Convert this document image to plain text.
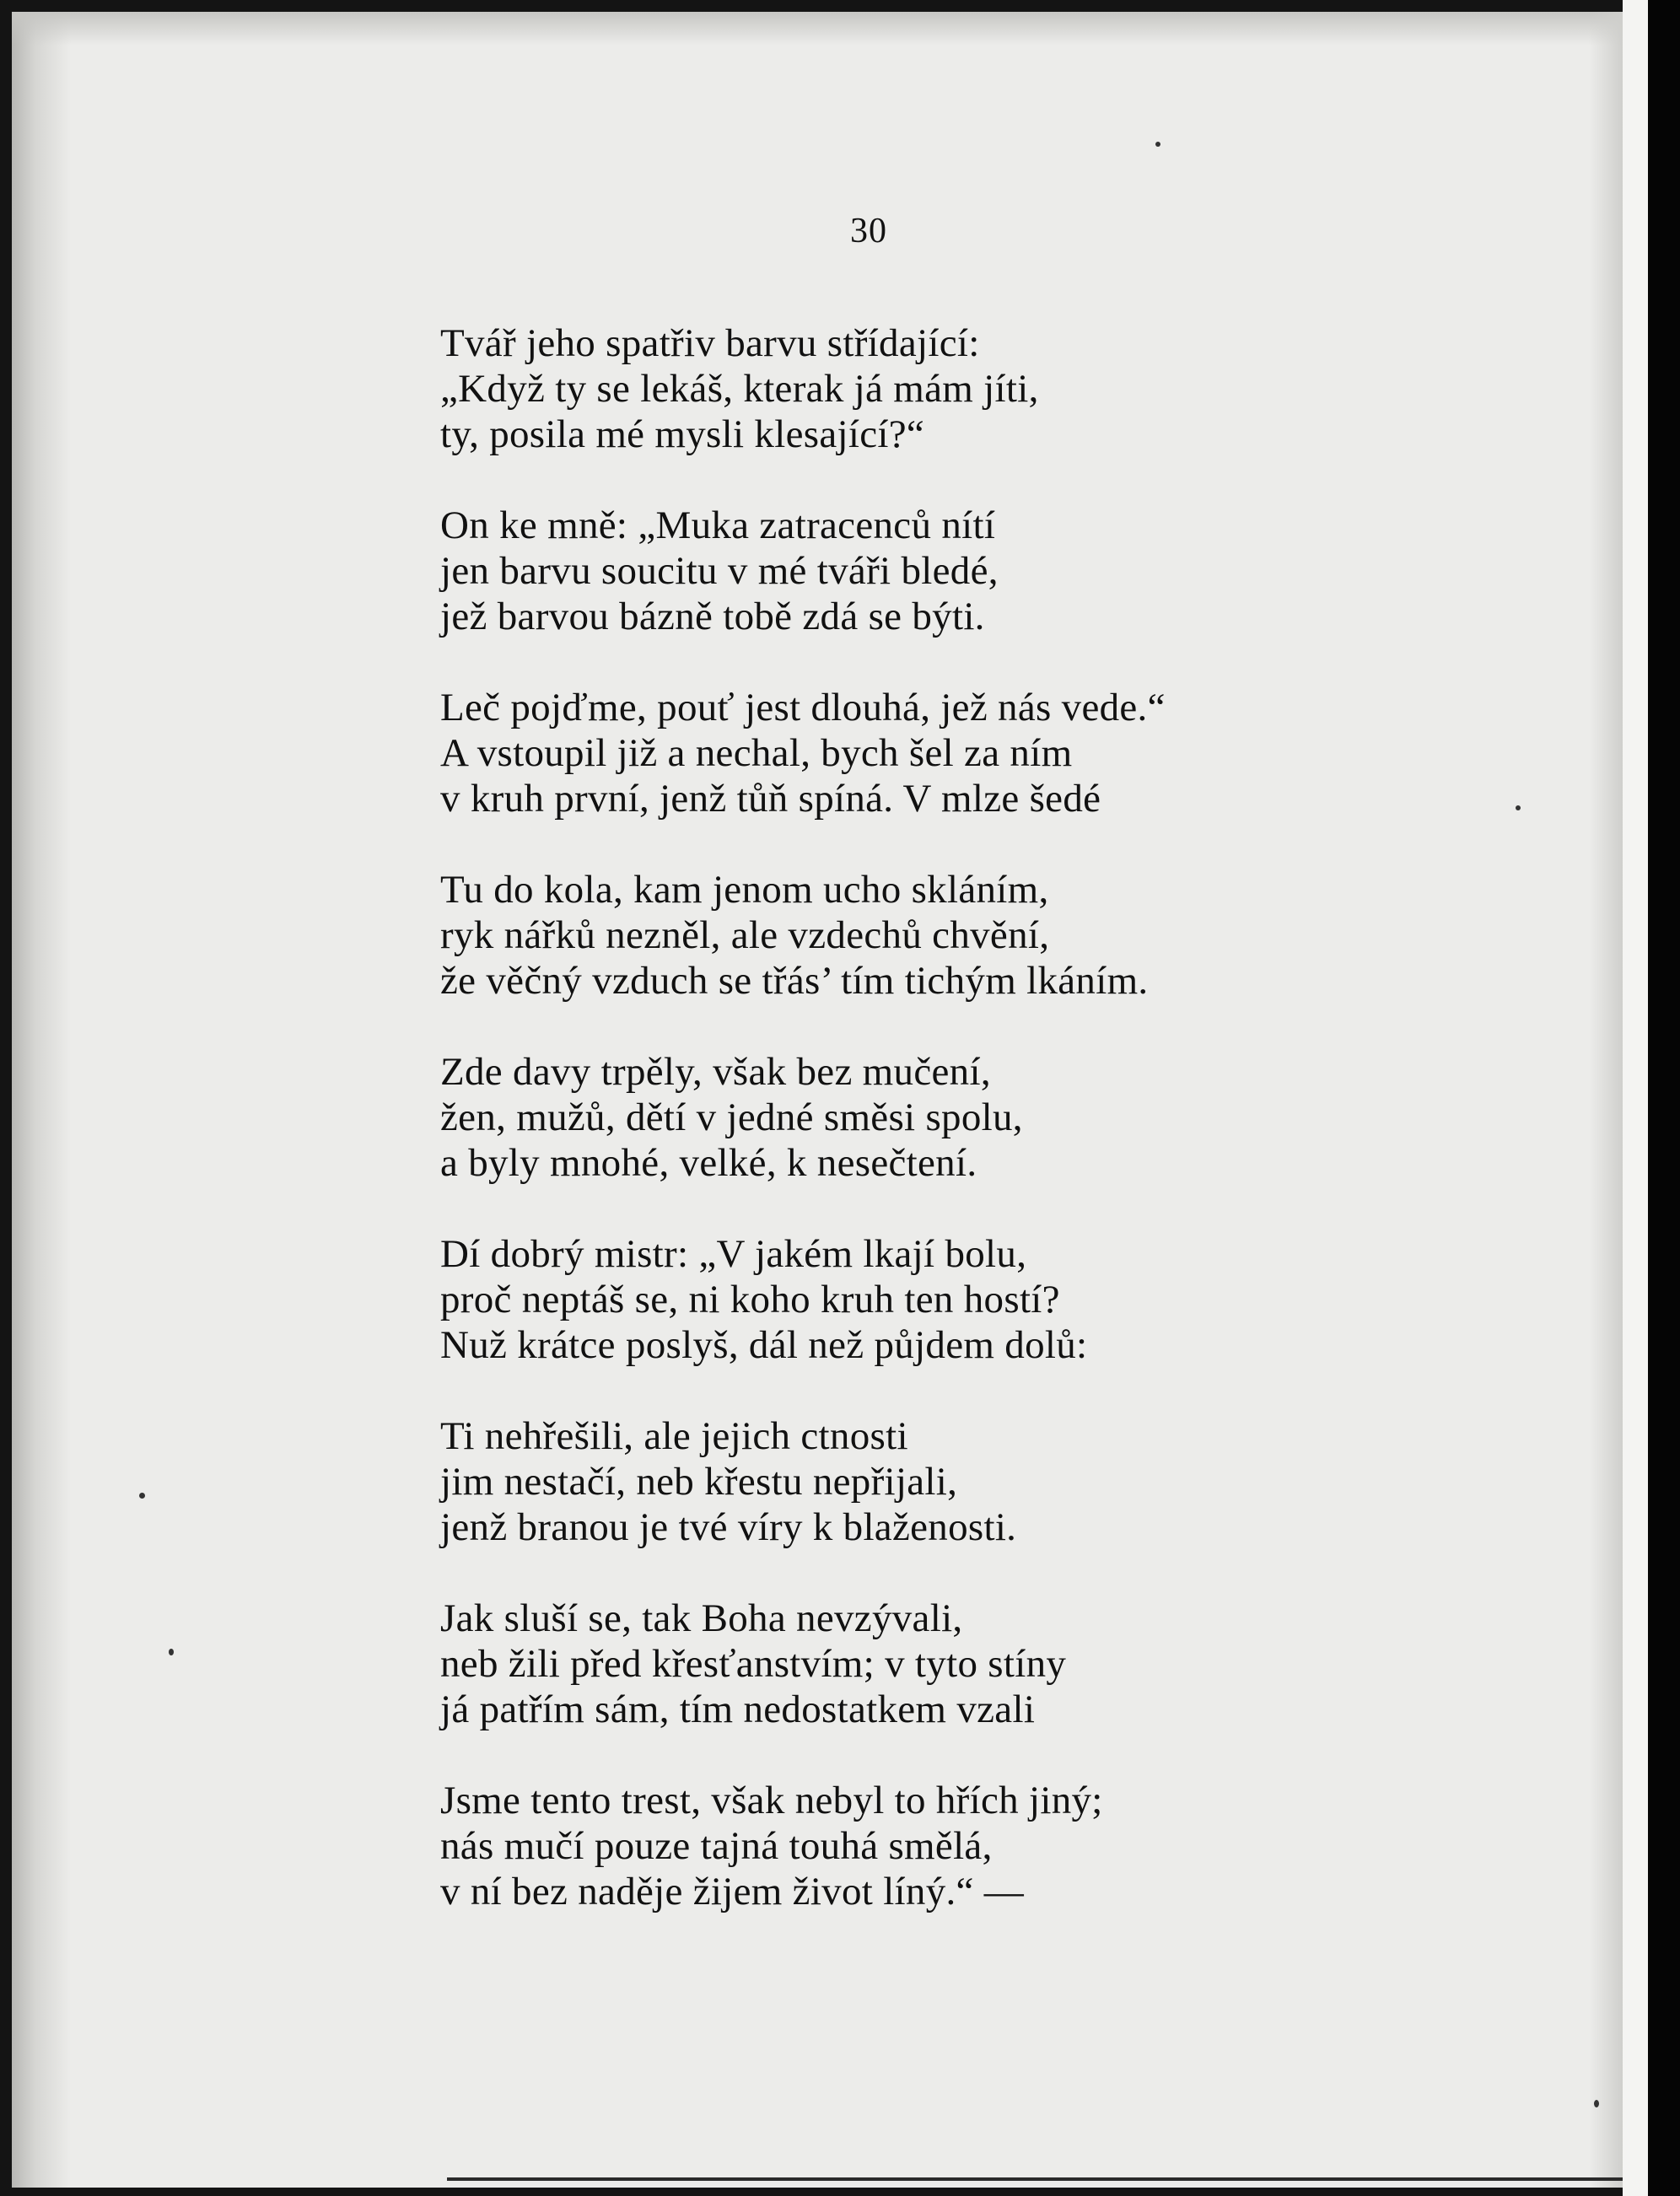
30
Tvář jeho spatřiv barvu střídající:
„Když ty se lekáš, kterak já mám jíti,
ty, posila mé mysli klesající?“
On ke mně: „Muka zatracenců nítí
jen barvu soucitu v mé tváři bledé,
jež barvou bázně tobě zdá se býti.
Leč pojďme, pouť jest dlouhá, jež nás vede.“
A vstoupil již a nechal, bych šel za ním
v kruh první, jenž tůň spíná. V mlze šedé
Tu do kola, kam jenom ucho skláním,
ryk nářků nezněl, ale vzdechů chvění,
že věčný vzduch se třás’ tím tichým lkáním.
Zde davy trpěly, však bez mučení,
žen, mužů, dětí v jedné směsi spolu,
a byly mnohé, velké, k nesečtení.
Dí dobrý mistr: „V jakém lkají bolu,
proč neptáš se, ni koho kruh ten hostí?
Nuž krátce poslyš, dál než půjdem dolů:
Ti nehřešili, ale jejich ctnosti
jim nestačí, neb křestu nepřijali,
jenž branou je tvé víry k blaženosti.
Jak sluší se, tak Boha nevzývali,
neb žili před křesťanstvím; v tyto stíny
já patřím sám, tím nedostatkem vzali
Jsme tento trest, však nebyl to hřích jiný;
nás mučí pouze tajná touhá smělá,
v ní bez naděje žijem život líný.“ —
